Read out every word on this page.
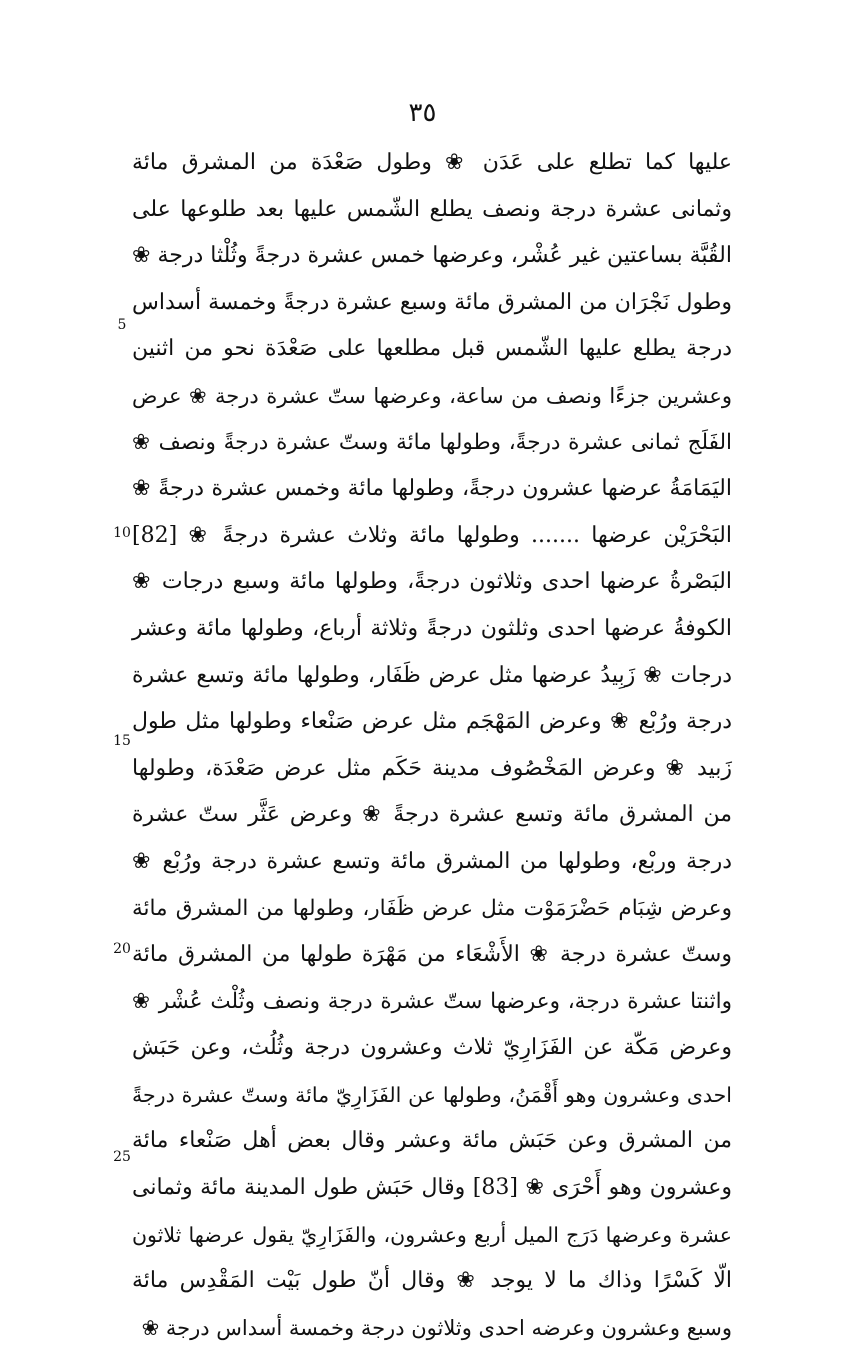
٣٥
5
10
15
20
25
عليها كما تطلع على عَدَن ❀ وطول صَعْدَة من المشرق مائة
وثمانى عشرة درجة ونصف يطلع الشّمس عليها بعد طلوعها على
القُبَّة بساعتين غير عُشْر، وعرضها خمس عشرة درجةً وثُلْثا درجة ❀
وطول نَجْرَان من المشرق مائة وسبع عشرة درجةً وخمسة أسداس
درجة يطلع عليها الشّمس قبل مطلعها على صَعْدَة نحو من اثنين
وعشرين جزءًا ونصف من ساعة، وعرضها ستّ عشرة درجة ❀ عرض
الفَلَج ثمانى عشرة درجةً، وطولها مائة وستّ عشرة درجةً ونصف ❀
اليَمَامَةُ عرضها عشرون درجةً، وطولها مائة وخمس عشرة درجةً ❀
البَحْرَيْن عرضها ....... وطولها مائة وثلاث عشرة درجةً ❀ [82]
البَصْرةُ عرضها احدى وثلاثون درجةً، وطولها مائة وسبع درجات ❀
الكوفةُ عرضها احدى وثلثون درجةً وثلاثة أرباع، وطولها مائة وعشر
درجات ❀ زَبِيدُ عرضها مثل عرض ظَفَار، وطولها مائة وتسع عشرة
درجة ورُبْع ❀ وعرض المَهْجَم مثل عرض صَنْعاء وطولها مثل طول
زَبيد ❀ وعرض المَخْصُوف مدينة حَكَم مثل عرض صَعْدَة، وطولها
من المشرق مائة وتسع عشرة درجةً ❀ وعرض عَثَّر ستّ عشرة
درجة وربْع، وطولها من المشرق مائة وتسع عشرة درجة ورُبْع ❀
وعرض شِبَام حَضْرَمَوْت مثل عرض ظَفَار، وطولها من المشرق مائة
وستّ عشرة درجة ❀ الأَشْعَاء من مَهْرَة طولها من المشرق مائة
واثنتا عشرة درجة، وعرضها ستّ عشرة درجة ونصف وثُلْث عُشْر ❀
وعرض مَكّة عن الفَزَارِيّ ثلاث وعشرون درجة وثُلُث، وعن حَبَش
احدى وعشرون وهو أَقْمَنُ، وطولها عن الفَزَارِيّ مائة وستّ عشرة درجةً
من المشرق وعن حَبَش مائة وعشر وقال بعض أهل صَنْعاء مائة
وعشرون وهو أَحْرَى ❀ [83] وقال حَبَش طول المدينة مائة وثمانى
عشرة وعرضها دَرَج الميل أربع وعشرون، والفَزَارِيّ يقول عرضها ثلاثون
الّا كَسْرًا وذاك ما لا يوجد ❀ وقال أنّ طول بَيْت المَقْدِس مائة
وسبع وعشرون وعرضه احدى وثلاثون درجة وخمسة أسداس درجة ❀
